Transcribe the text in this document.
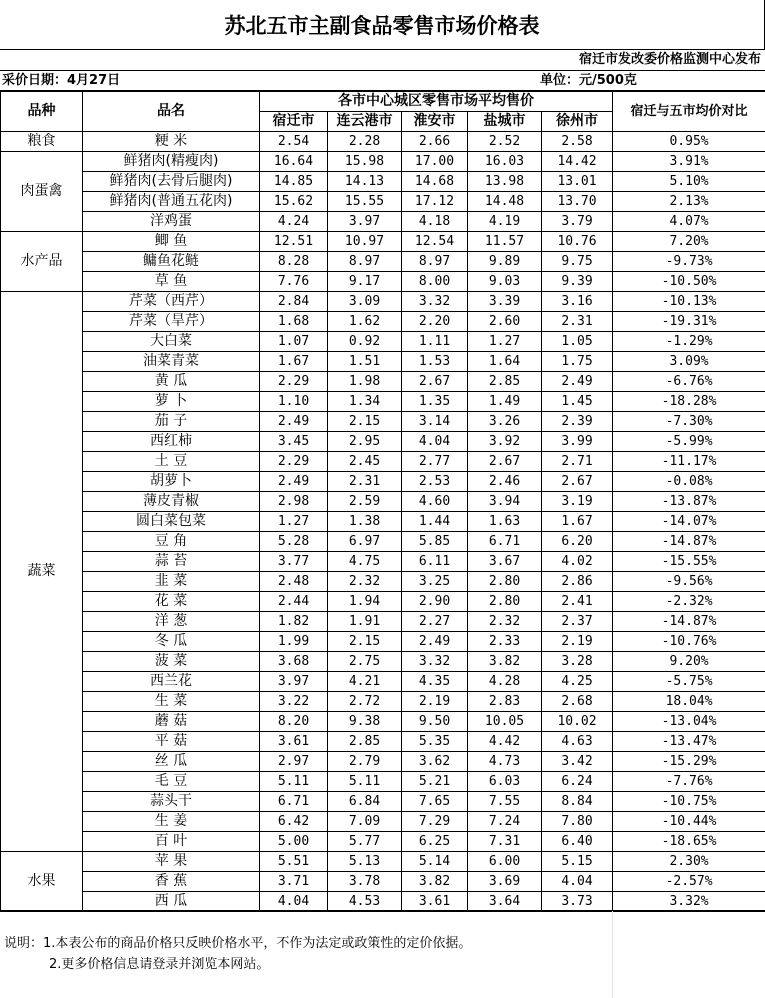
苏北五市主副食品零售市场价格表
宿迁市发改委价格监测中心发布
采价日期：4月27日	单位：元/500克
品种	品名	各市中心城区零售市场平均售价					宿迁与五市均价对比
		宿迁市	连云港市	淮安市	盐城市	徐州市	
粮食	粳 米	2.54	2.28	2.66	2.52	2.58	0.95%
肉蛋禽	鲜猪肉(精瘦肉)	16.64	15.98	17.00	16.03	14.42	3.91%
	鲜猪肉(去骨后腿肉)	14.85	14.13	14.68	13.98	13.01	5.10%
	鲜猪肉(普通五花肉)	15.62	15.55	17.12	14.48	13.70	2.13%
	洋鸡蛋	4.24	3.97	4.18	4.19	3.79	4.07%
水产品	鲫 鱼	12.51	10.97	12.54	11.57	10.76	7.20%
	鳙鱼花鲢	8.28	8.97	8.97	9.89	9.75	-9.73%
	草 鱼	7.76	9.17	8.00	9.03	9.39	-10.50%
蔬菜	芹菜（西芹）	2.84	3.09	3.32	3.39	3.16	-10.13%
	芹菜（旱芹）	1.68	1.62	2.20	2.60	2.31	-19.31%
	大白菜	1.07	0.92	1.11	1.27	1.05	-1.29%
	油菜青菜	1.67	1.51	1.53	1.64	1.75	3.09%
	黄 瓜	2.29	1.98	2.67	2.85	2.49	-6.76%
	萝 卜	1.10	1.34	1.35	1.49	1.45	-18.28%
	茄 子	2.49	2.15	3.14	3.26	2.39	-7.30%
	西红柿	3.45	2.95	4.04	3.92	3.99	-5.99%
	土 豆	2.29	2.45	2.77	2.67	2.71	-11.17%
	胡萝卜	2.49	2.31	2.53	2.46	2.67	-0.08%
	薄皮青椒	2.98	2.59	4.60	3.94	3.19	-13.87%
	圆白菜包菜	1.27	1.38	1.44	1.63	1.67	-14.07%
	豆 角	5.28	6.97	5.85	6.71	6.20	-14.87%
	蒜 苔	3.77	4.75	6.11	3.67	4.02	-15.55%
	韭 菜	2.48	2.32	3.25	2.80	2.86	-9.56%
	花 菜	2.44	1.94	2.90	2.80	2.41	-2.32%
	洋 葱	1.82	1.91	2.27	2.32	2.37	-14.87%
	冬 瓜	1.99	2.15	2.49	2.33	2.19	-10.76%
	菠 菜	3.68	2.75	3.32	3.82	3.28	9.20%
	西兰花	3.97	4.21	4.35	4.28	4.25	-5.75%
	生 菜	3.22	2.72	2.19	2.83	2.68	18.04%
	蘑 菇	8.20	9.38	9.50	10.05	10.02	-13.04%
	平 菇	3.61	2.85	5.35	4.42	4.63	-13.47%
	丝 瓜	2.97	2.79	3.62	4.73	3.42	-15.29%
	毛 豆	5.11	5.11	5.21	6.03	6.24	-7.76%
	蒜头干	6.71	6.84	7.65	7.55	8.84	-10.75%
	生 姜	6.42	7.09	7.29	7.24	7.80	-10.44%
	百 叶	5.00	5.77	6.25	7.31	6.40	-18.65%
水果	苹 果	5.51	5.13	5.14	6.00	5.15	2.30%
	香 蕉	3.71	3.78	3.82	3.69	4.04	-2.57%
	西 瓜	4.04	4.53	3.61	3.64	3.73	3.32%
说明：1.本表公布的商品价格只反映价格水平，不作为法定或政策性的定价依据。
2.更多价格信息请登录并浏览本网站。
